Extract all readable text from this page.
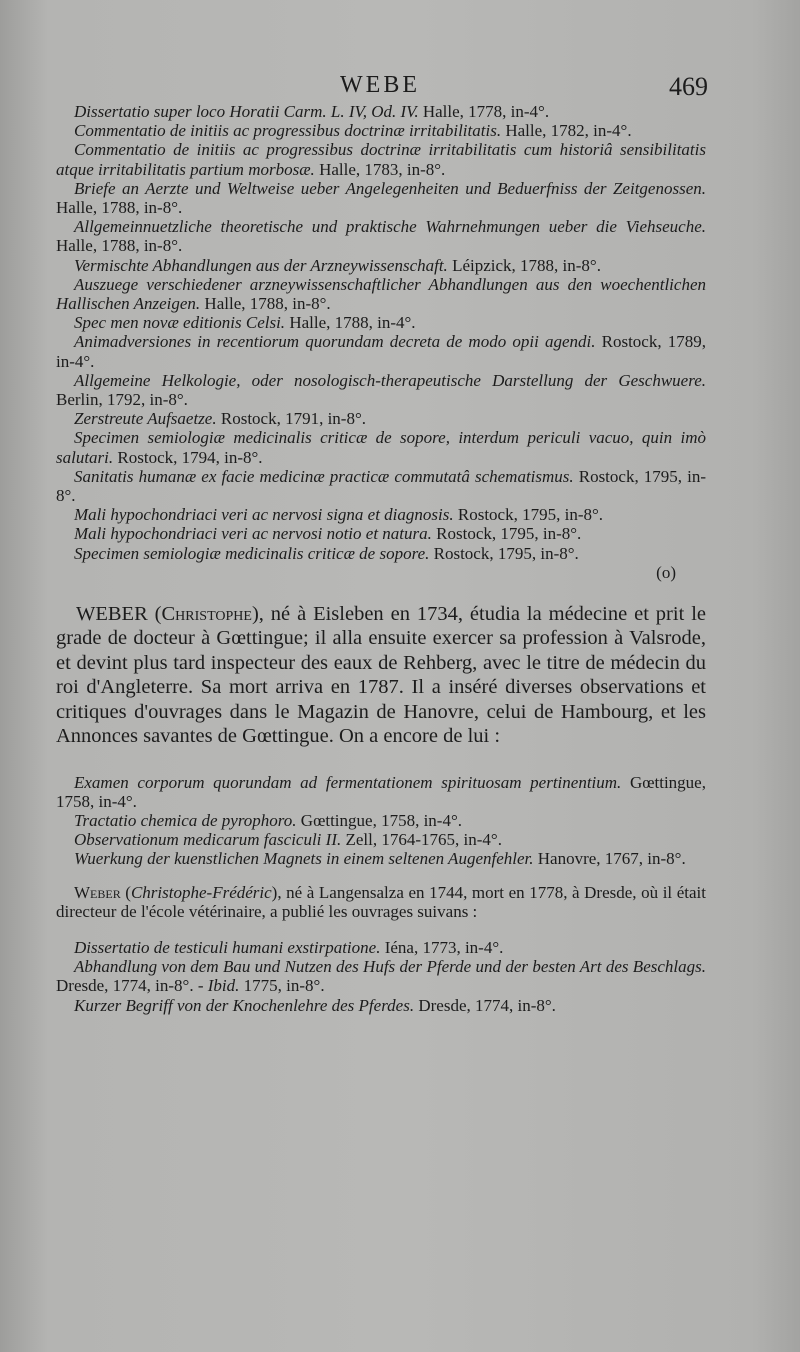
WEBE	469

Dissertatio super loco Horatii Carm. L. IV, Od. IV. Halle, 1778, in-4°.

Commentatio de initiis ac progressibus doctrinæ irritabilitatis. Halle, 1782, in-4°.

Commentatio de initiis ac progressibus doctrinæ irritabilitatis cum historiâ sensibilitatis atque irritabilitatis partium morbosæ. Halle, 1783, in-8°.

Briefe an Aerzte und Weltweise ueber Angelegenheiten und Beduerfniss der Zeitgenossen. Halle, 1788, in-8°.

Allgemeinnuetzliche theoretische und praktische Wahrnehmungen ueber die Viehseuche. Halle, 1788, in-8°.

Vermischte Abhandlungen aus der Arzneywissenschaft. Léipzick, 1788, in-8°.

Auszuege verschiedener arzneywissenschaftlicher Abhandlungen aus den woechentlichen Hallischen Anzeigen. Halle, 1788, in-8°.

Spec men novæ editionis Celsi. Halle, 1788, in-4°.

Animadversiones in recentiorum quorundam decreta de modo opii agendi. Rostock, 1789, in-4°.

Allgemeine Helkologie, oder nosologisch-therapeutische Darstellung der Geschwuere. Berlin, 1792, in-8°.

Zerstreute Aufsaetze. Rostock, 1791, in-8°.

Specimen semiologiæ medicinalis criticæ de sopore, interdum periculi vacuo, quin imò salutari. Rostock, 1794, in-8°.

Sanitatis humanæ ex facie medicinæ practicæ commutatâ schematismus. Rostock, 1795, in-8°.

Mali hypochondriaci veri ac nervosi signa et diagnosis. Rostock, 1795, in-8°.

Mali hypochondriaci veri ac nervosi notio et natura. Rostock, 1795, in-8°.

Specimen semiologiæ medicinalis criticæ de sopore. Rostock, 1795, in-8°.

(o)

WEBER (Christophe), né à Eisleben en 1734, étudia la médecine et prit le grade de docteur à Gœttingue; il alla ensuite exercer sa profession à Valsrode, et devint plus tard inspecteur des eaux de Rehberg, avec le titre de médecin du roi d'Angleterre. Sa mort arriva en 1787. Il a inséré diverses observations et critiques d'ouvrages dans le Magazin de Hanovre, celui de Hambourg, et les Annonces savantes de Gœttingue. On a encore de lui :

Examen corporum quorundam ad fermentationem spirituosam pertinentium. Gœttingue, 1758, in-4°.

Tractatio chemica de pyrophoro. Gœttingue, 1758, in-4°.

Observationum medicarum fasciculi II. Zell, 1764-1765, in-4°.

Wuerkung der kuenstlichen Magnets in einem seltenen Augenfehler. Hanovre, 1767, in-8°.

Weber (Christophe-Frédéric), né à Langensalza en 1744, mort en 1778, à Dresde, où il était directeur de l'école vétérinaire, a publié les ouvrages suivans :

Dissertatio de testiculi humani exstirpatione. Iéna, 1773, in-4°.

Abhandlung von dem Bau und Nutzen des Hufs der Pferde und der besten Art des Beschlags. Dresde, 1774, in-8°. - Ibid. 1775, in-8°.

Kurzer Begriff von der Knochenlehre des Pferdes. Dresde, 1774, in-8°.
